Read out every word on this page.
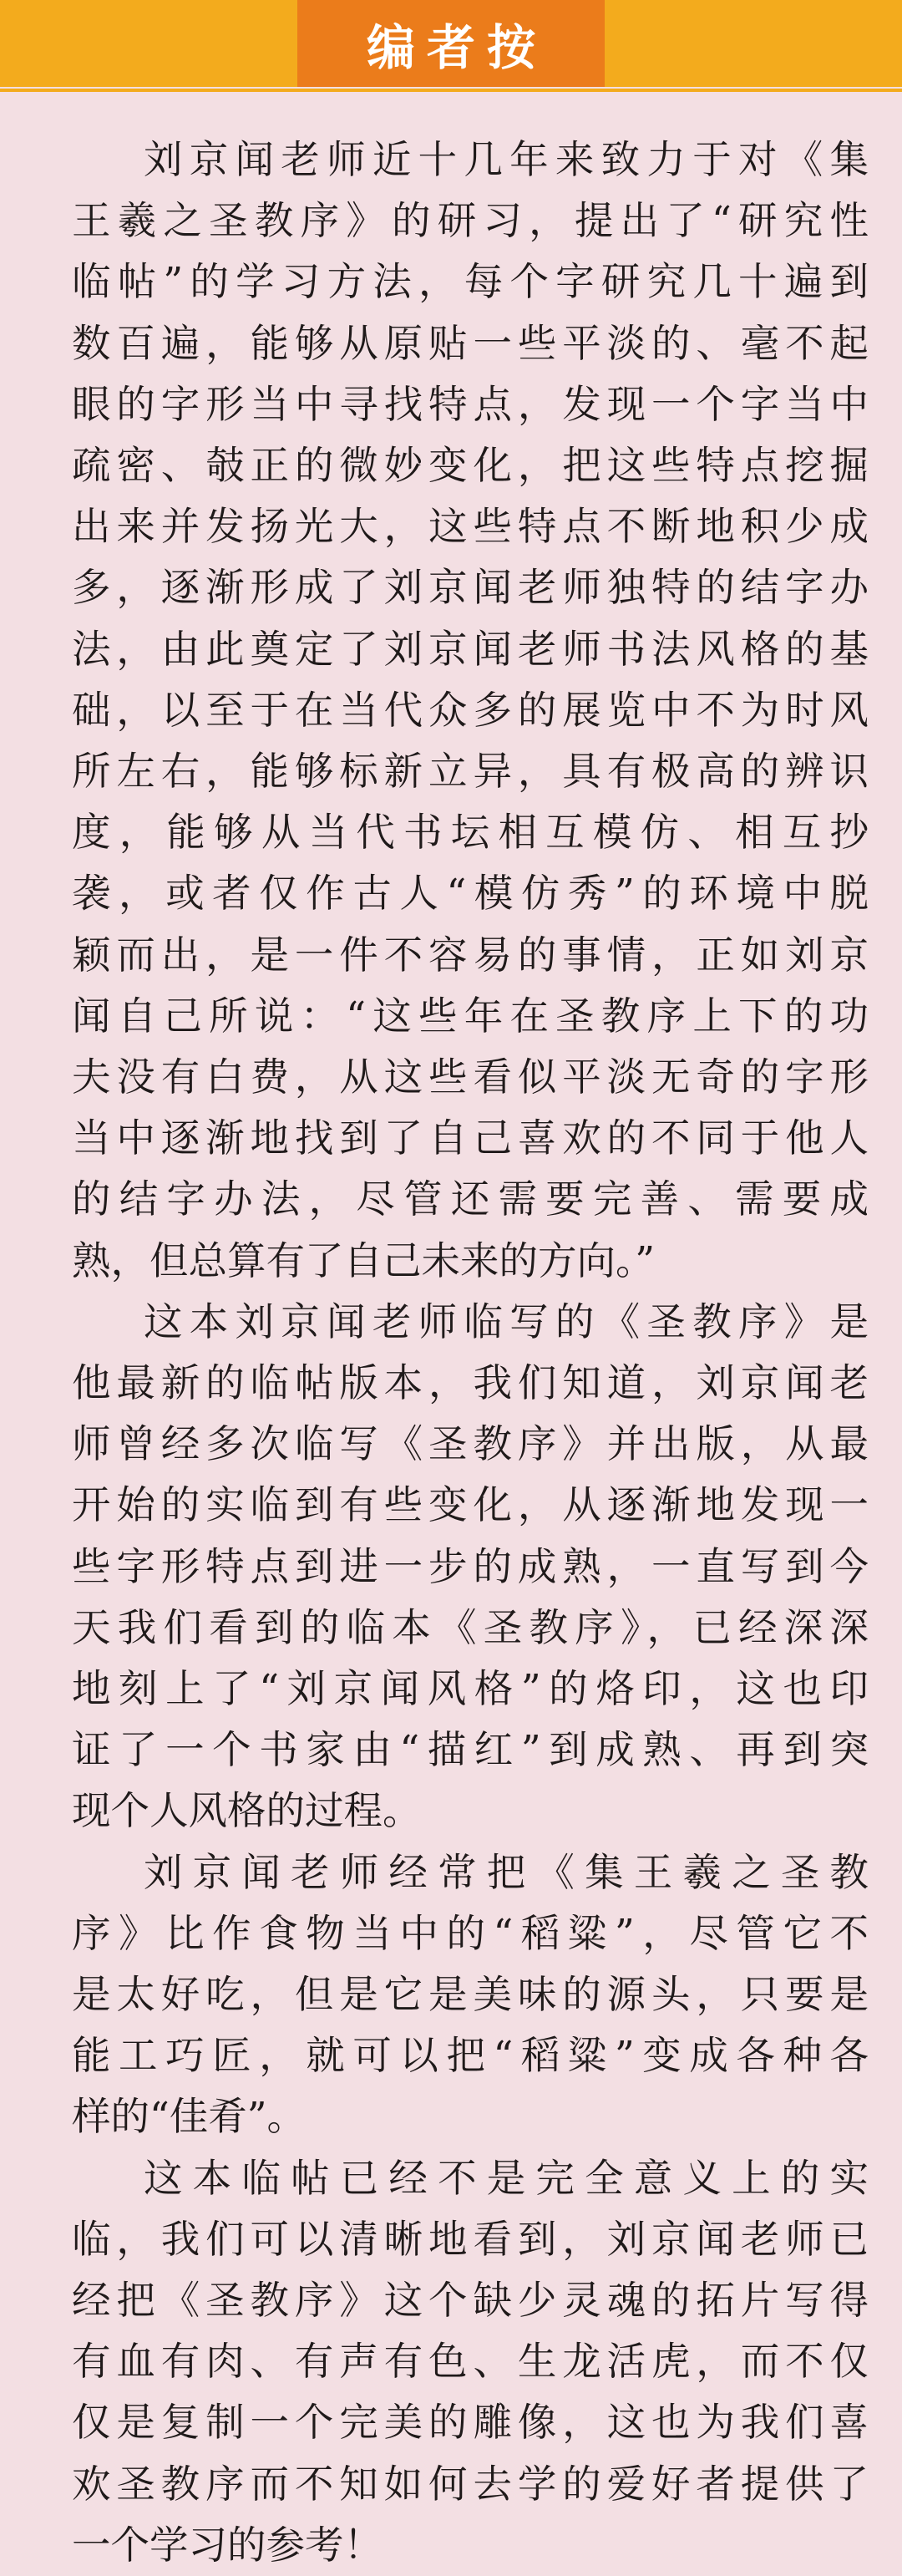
编者按
刘京闻老师近十几年来致力于对《集
王羲之圣教序》的研习，提出了“研究性
临帖”的学习方法，每个字研究几十遍到
数百遍，能够从原贴一些平淡的、毫不起
眼的字形当中寻找特点，发现一个字当中
疏密、攲正的微妙变化，把这些特点挖掘
出来并发扬光大，这些特点不断地积少成
多，逐渐形成了刘京闻老师独特的结字办
法，由此奠定了刘京闻老师书法风格的基
础，以至于在当代众多的展览中不为时风
所左右，能够标新立异，具有极高的辨识
度，能够从当代书坛相互模仿、相互抄
袭，或者仅作古人“模仿秀”的环境中脱
颖而出，是一件不容易的事情，正如刘京
闻自己所说：“这些年在圣教序上下的功
夫没有白费，从这些看似平淡无奇的字形
当中逐渐地找到了自己喜欢的不同于他人
的结字办法，尽管还需要完善、需要成
熟，但总算有了自己未来的方向。”
这本刘京闻老师临写的《圣教序》是
他最新的临帖版本，我们知道，刘京闻老
师曾经多次临写《圣教序》并出版，从最
开始的实临到有些变化，从逐渐地发现一
些字形特点到进一步的成熟，一直写到今
天我们看到的临本《圣教序》，已经深深
地刻上了“刘京闻风格”的烙印，这也印
证了一个书家由“描红”到成熟、再到突
现个人风格的过程。
刘京闻老师经常把《集王羲之圣教
序》比作食物当中的“稻粱”，尽管它不
是太好吃，但是它是美味的源头，只要是
能工巧匠，就可以把“稻粱”变成各种各
样的“佳肴”。
这本临帖已经不是完全意义上的实
临，我们可以清晰地看到，刘京闻老师已
经把《圣教序》这个缺少灵魂的拓片写得
有血有肉、有声有色、生龙活虎，而不仅
仅是复制一个完美的雕像，这也为我们喜
欢圣教序而不知如何去学的爱好者提供了
一个学习的参考！
